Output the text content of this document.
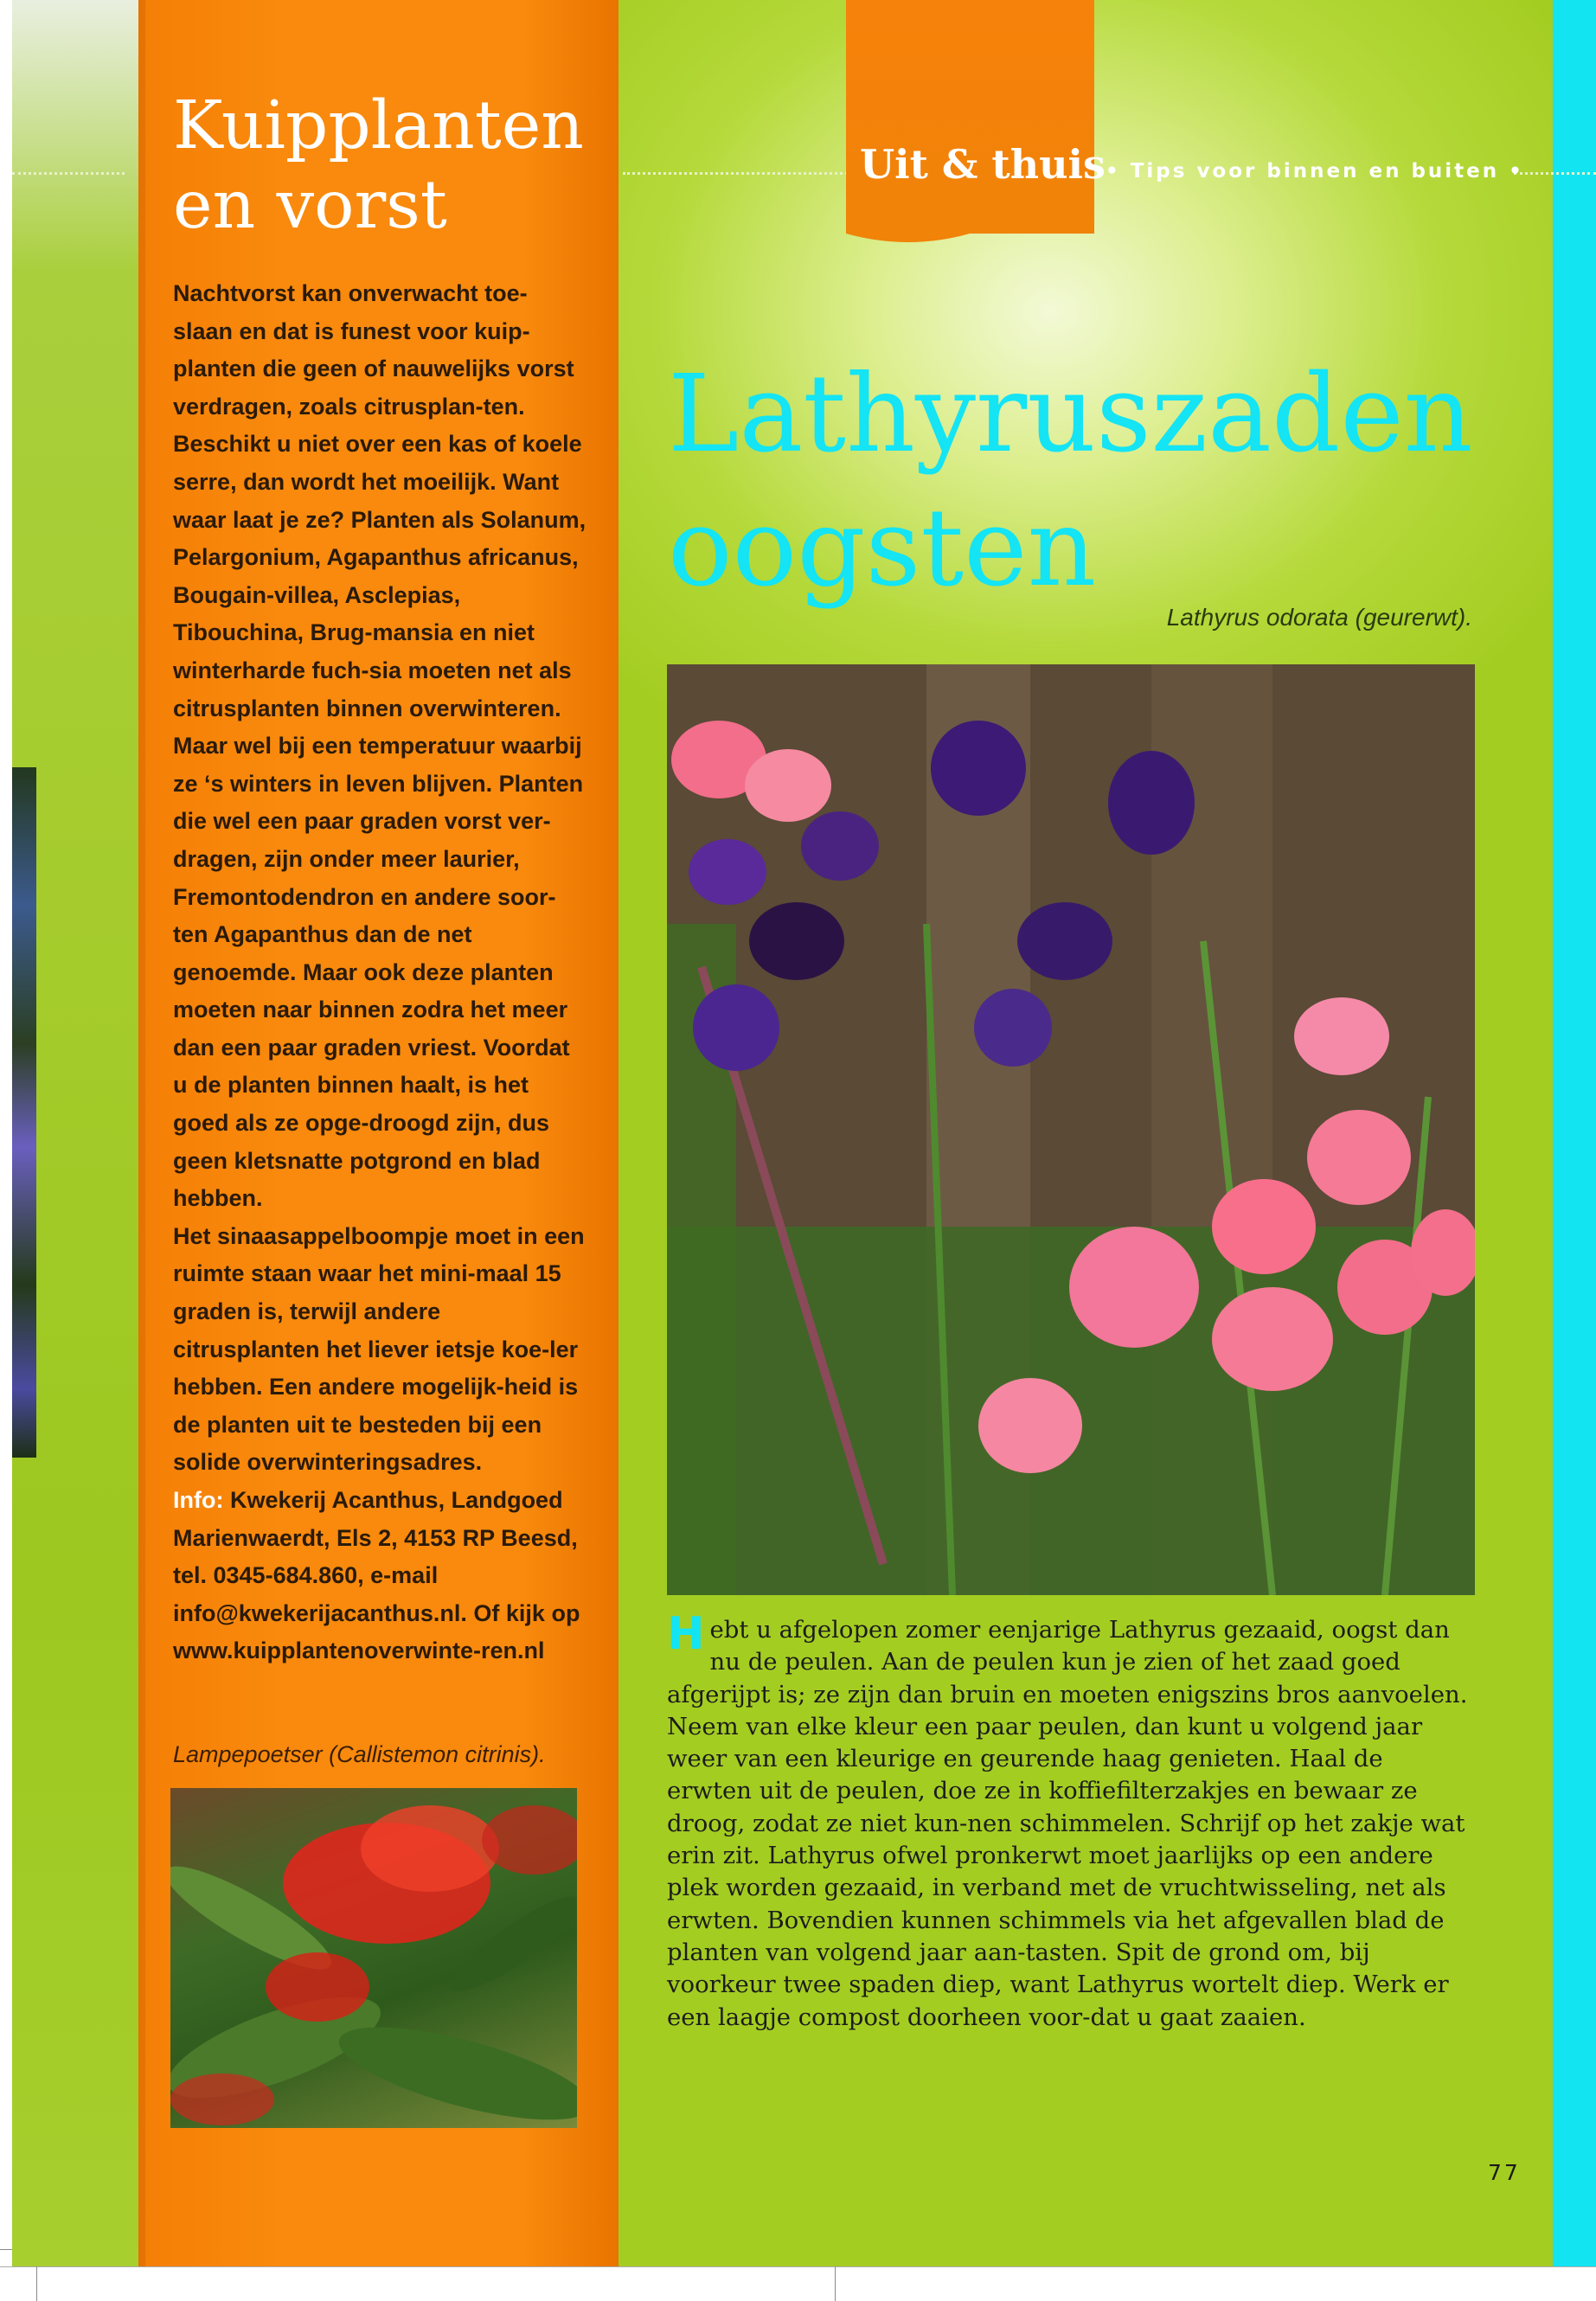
Kuipplanten en vorst
Nachtvorst kan onverwacht toe-slaan en dat is funest voor kuip-planten die geen of nauwelijks vorst verdragen, zoals citrusplan-ten. Beschikt u niet over een kas of koele serre, dan wordt het moeilijk. Want waar laat je ze? Planten als Solanum, Pelargonium, Agapanthus africanus, Bougain-villea, Asclepias, Tibouchina, Brug-mansia en niet winterharde fuch-sia moeten net als citrusplanten binnen overwinteren. Maar wel bij een temperatuur waarbij ze ‘s winters in leven blijven. Planten die wel een paar graden vorst ver-dragen, zijn onder meer laurier, Fremontodendron en andere soor-ten Agapanthus dan de net genoemde. Maar ook deze planten moeten naar binnen zodra het meer dan een paar graden vriest. Voordat u de planten binnen haalt, is het goed als ze opge-droogd zijn, dus geen kletsnatte potgrond en blad hebben.
Het sinaasappelboompje moet in een ruimte staan waar het mini-maal 15 graden is, terwijl andere citrusplanten het liever ietsje koe-ler hebben. Een andere mogelijk-heid is de planten uit te besteden bij een solide overwinteringsadres.
Info: Kwekerij Acanthus, Landgoed Marienwaerdt, Els 2, 4153 RP Beesd, tel. 0345-684.860, e-mail info@kwekerijacanthus.nl. Of kijk op www.kuipplantenoverwinte-ren.nl

Lampepoetser (Callistemon citrinis).

Uit & thuis • Tips voor binnen en buiten •
Lathyruszaden oogsten

Lathyrus odorata (geurerwt).

Hebt u afgelopen zomer eenjarige Lathyrus gezaaid, oogst dan nu de peulen. Aan de peulen kun je zien of het zaad goed afgerijpt is; ze zijn dan bruin en moeten enigszins bros aanvoelen. Neem van elke kleur een paar peulen, dan kunt u volgend jaar weer van een kleurige en geurende haag genieten. Haal de erwten uit de peulen, doe ze in koffiefilterzakjes en bewaar ze droog, zodat ze niet kun-nen schimmelen. Schrijf op het zakje wat erin zit. Lathyrus ofwel pronkerwt moet jaarlijks op een andere plek worden gezaaid, in verband met de vruchtwisseling, net als erwten. Bovendien kunnen schimmels via het afgevallen blad de planten van volgend jaar aan-tasten. Spit de grond om, bij voorkeur twee spaden diep, want Lathyrus wortelt diep. Werk er een laagje compost doorheen voor-dat u gaat zaaien.

77
